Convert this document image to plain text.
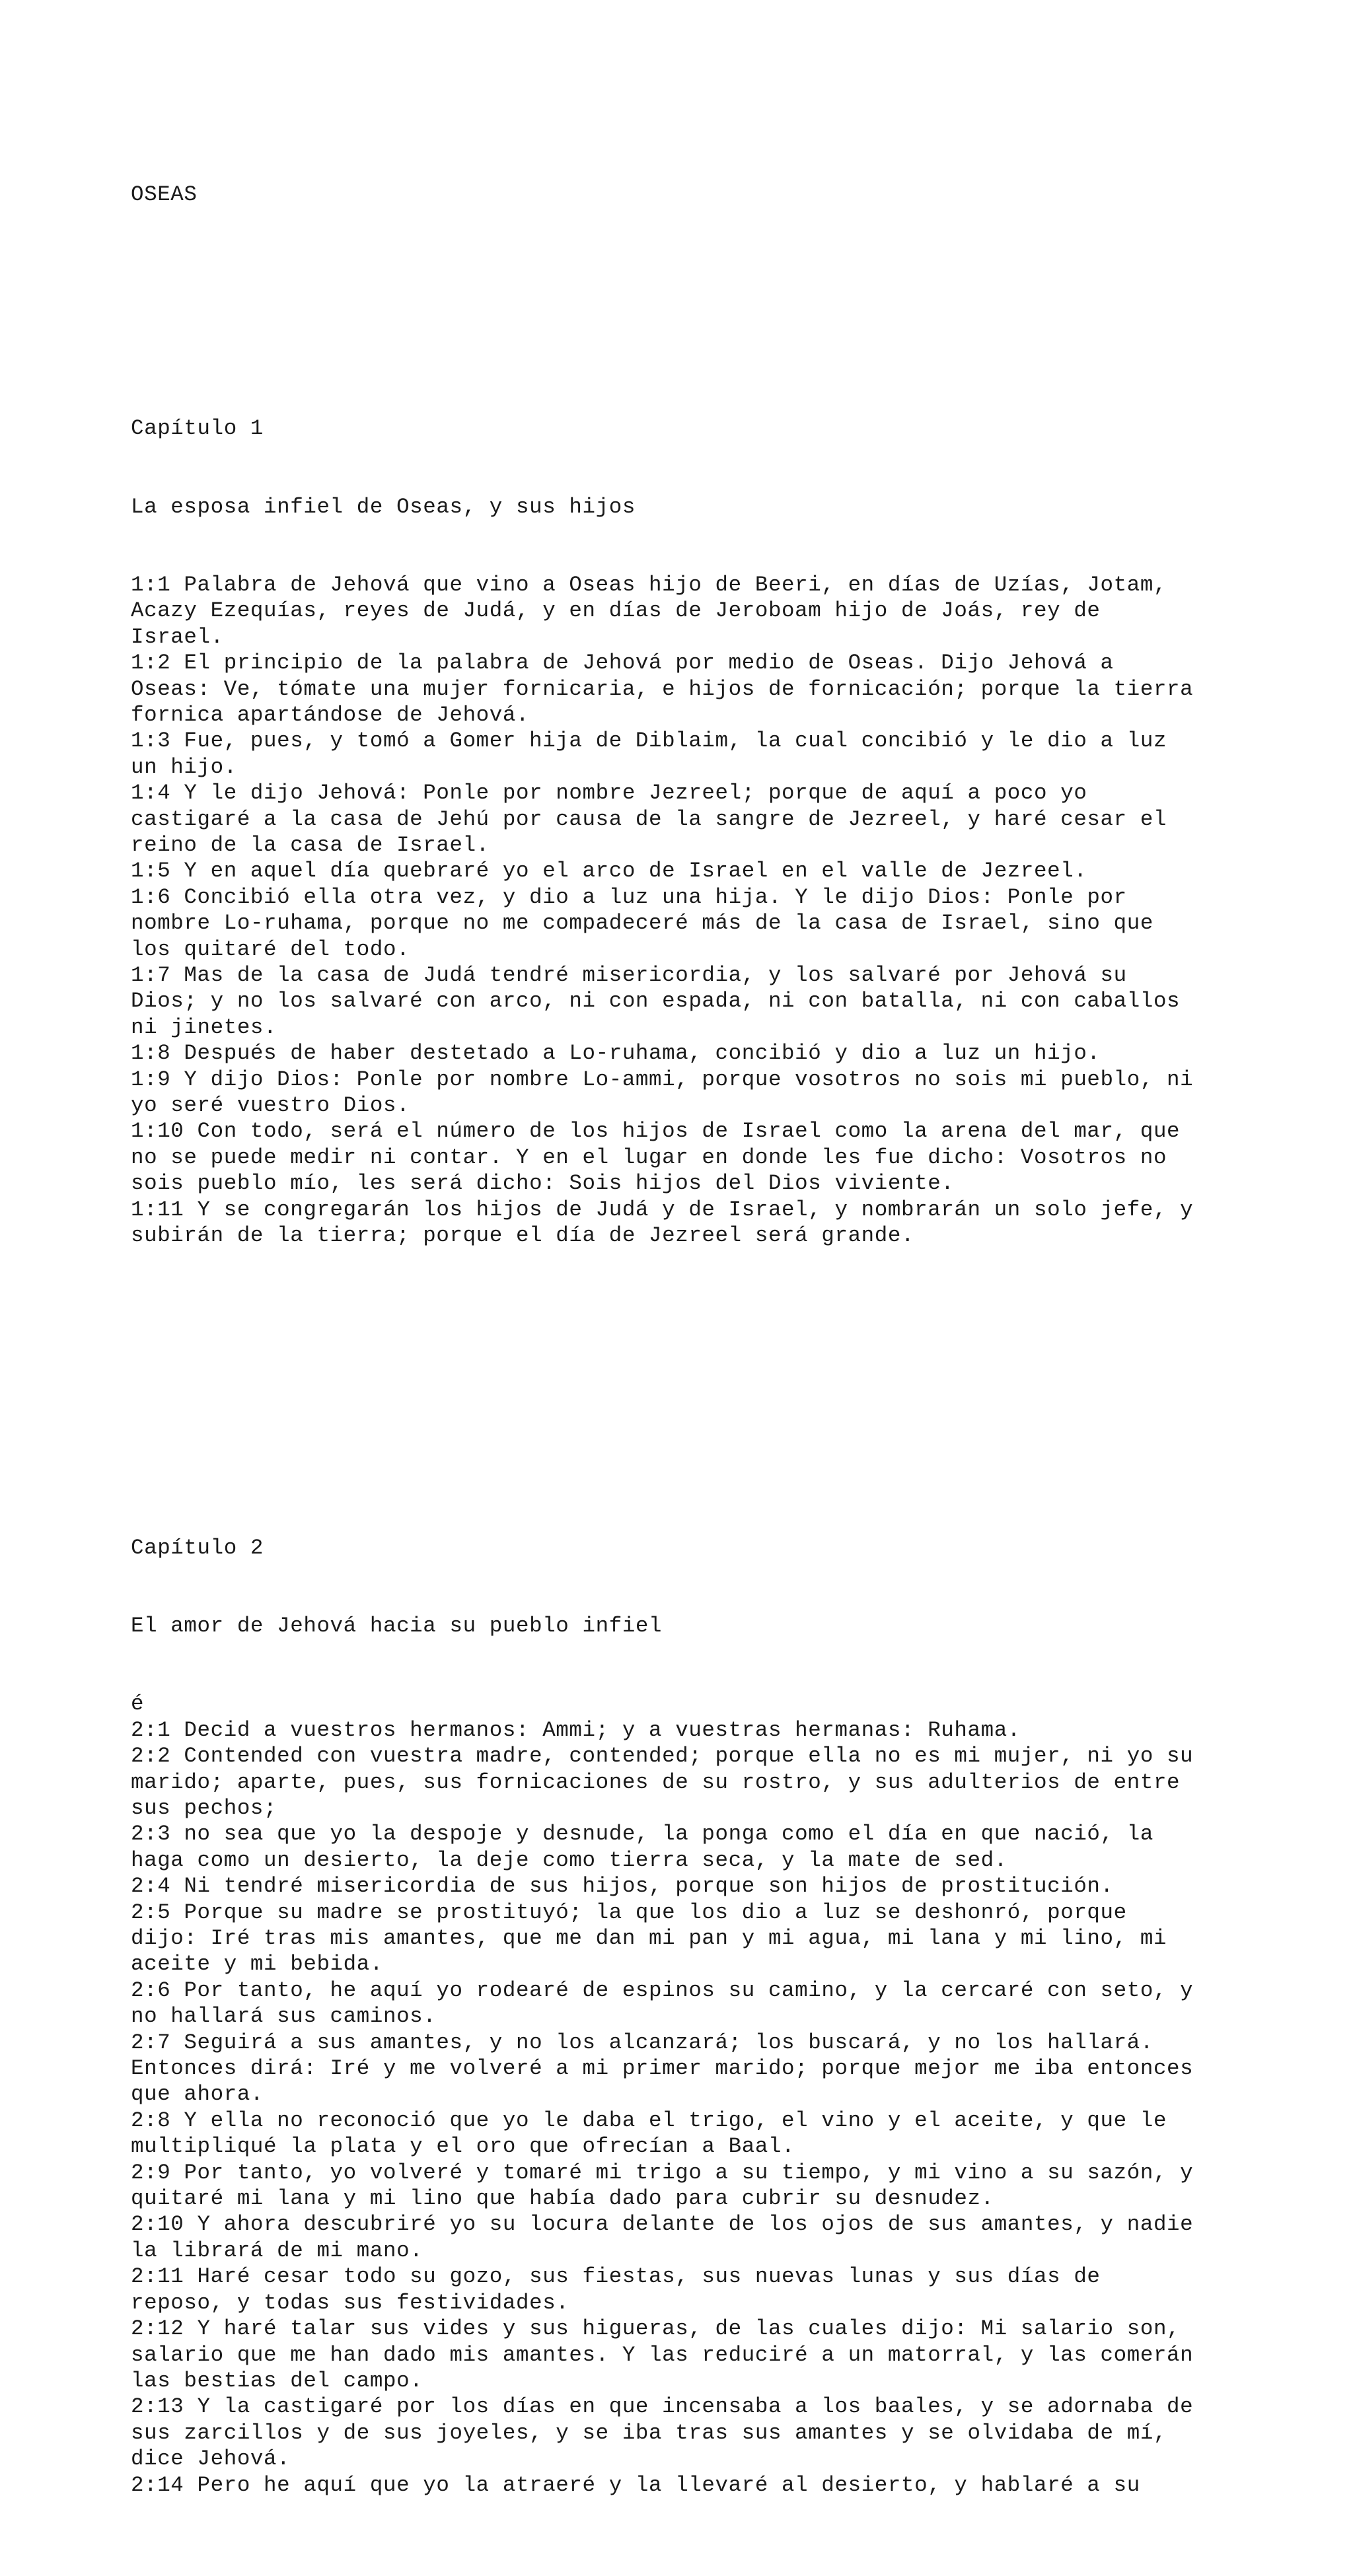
OSEAS

Capítulo 1

La esposa infiel de Oseas, y sus hijos

1:1 Palabra de Jehová que vino a Oseas hijo de Beeri, en días de Uzías, Jotam,
Acazy Ezequías, reyes de Judá, y en días de Jeroboam hijo de Joás, rey de
Israel.
1:2 El principio de la palabra de Jehová por medio de Oseas. Dijo Jehová a
Oseas: Ve, tómate una mujer fornicaria, e hijos de fornicación; porque la tierra
fornica apartándose de Jehová.
1:3 Fue, pues, y tomó a Gomer hija de Diblaim, la cual concibió y le dio a luz
un hijo.
1:4 Y le dijo Jehová: Ponle por nombre Jezreel; porque de aquí a poco yo
castigaré a la casa de Jehú por causa de la sangre de Jezreel, y haré cesar el
reino de la casa de Israel.
1:5 Y en aquel día quebraré yo el arco de Israel en el valle de Jezreel.
1:6 Concibió ella otra vez, y dio a luz una hija. Y le dijo Dios: Ponle por
nombre Lo-ruhama, porque no me compadeceré más de la casa de Israel, sino que
los quitaré del todo.
1:7 Mas de la casa de Judá tendré misericordia, y los salvaré por Jehová su
Dios; y no los salvaré con arco, ni con espada, ni con batalla, ni con caballos
ni jinetes.
1:8 Después de haber destetado a Lo-ruhama, concibió y dio a luz un hijo.
1:9 Y dijo Dios: Ponle por nombre Lo-ammi, porque vosotros no sois mi pueblo, ni
yo seré vuestro Dios.
1:10 Con todo, será el número de los hijos de Israel como la arena del mar, que
no se puede medir ni contar. Y en el lugar en donde les fue dicho: Vosotros no
sois pueblo mío, les será dicho: Sois hijos del Dios viviente.
1:11 Y se congregarán los hijos de Judá y de Israel, y nombrarán un solo jefe, y
subirán de la tierra; porque el día de Jezreel será grande.

Capítulo 2

El amor de Jehová hacia su pueblo infiel

é
2:1 Decid a vuestros hermanos: Ammi; y a vuestras hermanas: Ruhama.
2:2 Contended con vuestra madre, contended; porque ella no es mi mujer, ni yo su
marido; aparte, pues, sus fornicaciones de su rostro, y sus adulterios de entre
sus pechos;
2:3 no sea que yo la despoje y desnude, la ponga como el día en que nació, la
haga como un desierto, la deje como tierra seca, y la mate de sed.
2:4 Ni tendré misericordia de sus hijos, porque son hijos de prostitución.
2:5 Porque su madre se prostituyó; la que los dio a luz se deshonró, porque
dijo: Iré tras mis amantes, que me dan mi pan y mi agua, mi lana y mi lino, mi
aceite y mi bebida.
2:6 Por tanto, he aquí yo rodearé de espinos su camino, y la cercaré con seto, y
no hallará sus caminos.
2:7 Seguirá a sus amantes, y no los alcanzará; los buscará, y no los hallará.
Entonces dirá: Iré y me volveré a mi primer marido; porque mejor me iba entonces
que ahora.
2:8 Y ella no reconoció que yo le daba el trigo, el vino y el aceite, y que le
multipliqué la plata y el oro que ofrecían a Baal.
2:9 Por tanto, yo volveré y tomaré mi trigo a su tiempo, y mi vino a su sazón, y
quitaré mi lana y mi lino que había dado para cubrir su desnudez.
2:10 Y ahora descubriré yo su locura delante de los ojos de sus amantes, y nadie
la librará de mi mano.
2:11 Haré cesar todo su gozo, sus fiestas, sus nuevas lunas y sus días de
reposo, y todas sus festividades.
2:12 Y haré talar sus vides y sus higueras, de las cuales dijo: Mi salario son,
salario que me han dado mis amantes. Y las reduciré a un matorral, y las comerán
las bestias del campo.
2:13 Y la castigaré por los días en que incensaba a los baales, y se adornaba de
sus zarcillos y de sus joyeles, y se iba tras sus amantes y se olvidaba de mí,
dice Jehová.
2:14 Pero he aquí que yo la atraeré y la llevaré al desierto, y hablaré a su
